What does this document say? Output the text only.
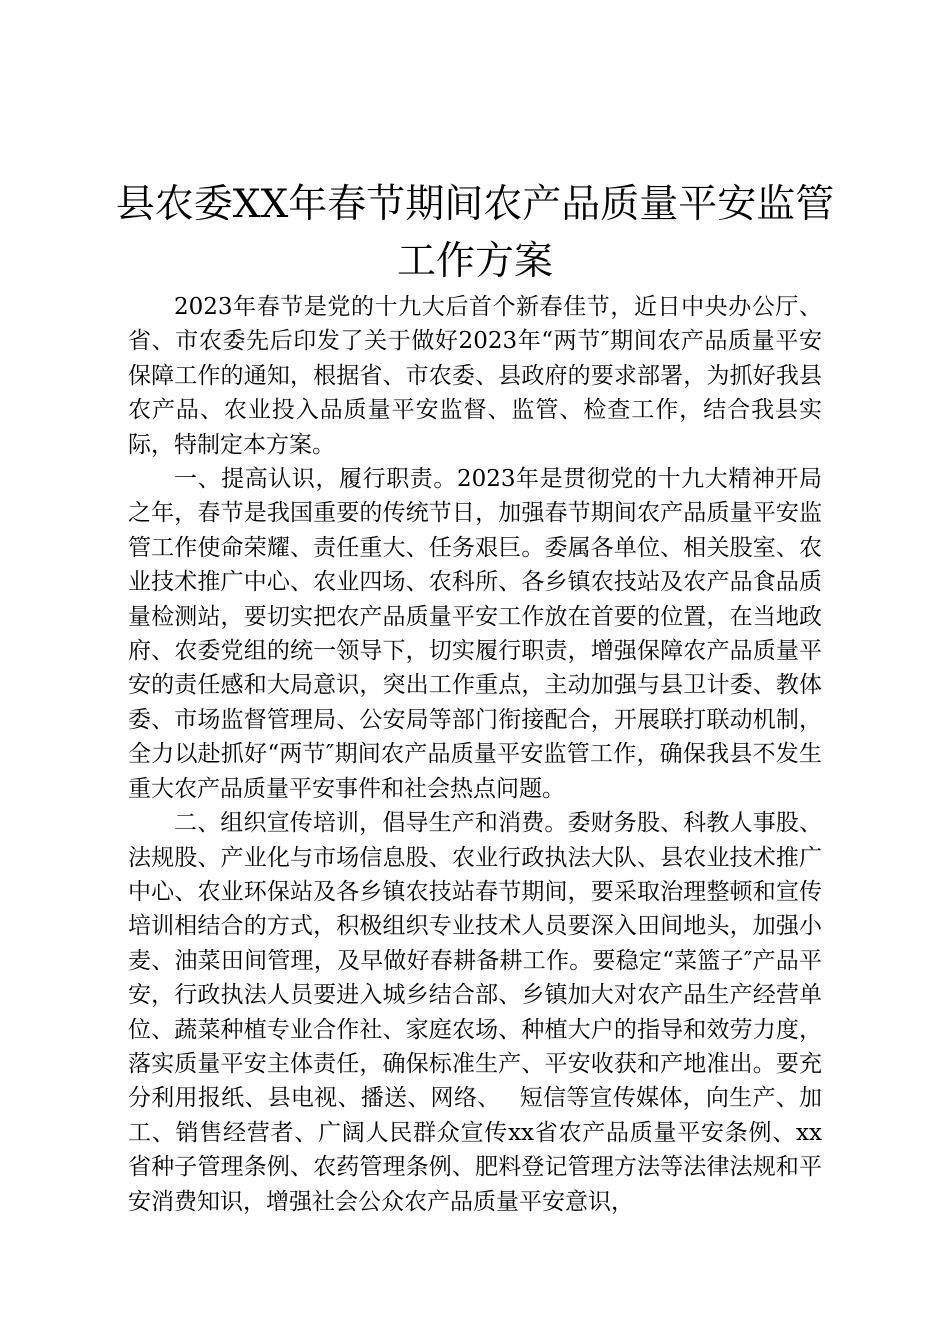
县农委XX年春节期间农产品质量平安监管工作方案

2023年春节是党的十九大后首个新春佳节，近日中央办公厅、省、市农委先后印发了关于做好2023年“两节″期间农产品质量平安保障工作的通知，根据省、市农委、县政府的要求部署，为抓好我县农产品、农业投入品质量平安监督、监管、检查工作，结合我县实际，特制定本方案。

一、提高认识，履行职责。2023年是贯彻党的十九大精神开局之年，春节是我国重要的传统节日，加强春节期间农产品质量平安监管工作使命荣耀、责任重大、任务艰巨。委属各单位、相关股室、农业技术推广中心、农业四场、农科所、各乡镇农技站及农产品食品质量检测站，要切实把农产品质量平安工作放在首要的位置，在当地政府、农委党组的统一领导下，切实履行职责，增强保障农产品质量平安的责任感和大局意识，突出工作重点，主动加强与县卫计委、教体委、市场监督管理局、公安局等部门衔接配合，开展联打联动机制，全力以赴抓好“两节″期间农产品质量平安监管工作，确保我县不发生重大农产品质量平安事件和社会热点问题。

二、组织宣传培训，倡导生产和消费。委财务股、科教人事股、法规股、产业化与市场信息股、农业行政执法大队、县农业技术推广中心、农业环保站及各乡镇农技站春节期间，要采取治理整顿和宣传培训相结合的方式，积极组织专业技术人员要深入田间地头，加强小麦、油菜田间管理，及早做好春耕备耕工作。要稳定“菜篮子″产品平安，行政执法人员要进入城乡结合部、乡镇加大对农产品生产经营单位、蔬菜种植专业合作社、家庭农场、种植大户的指导和效劳力度，落实质量平安主体责任，确保标准生产、平安收获和产地准出。要充分利用报纸、县电视、播送、网络、　 短信等宣传媒体，向生产、加工、销售经营者、广阔人民群众宣传xx省农产品质量平安条例、xx省种子管理条例、农药管理条例、肥料登记管理方法等法律法规和平安消费知识，增强社会公众农产品质量平安意识，
